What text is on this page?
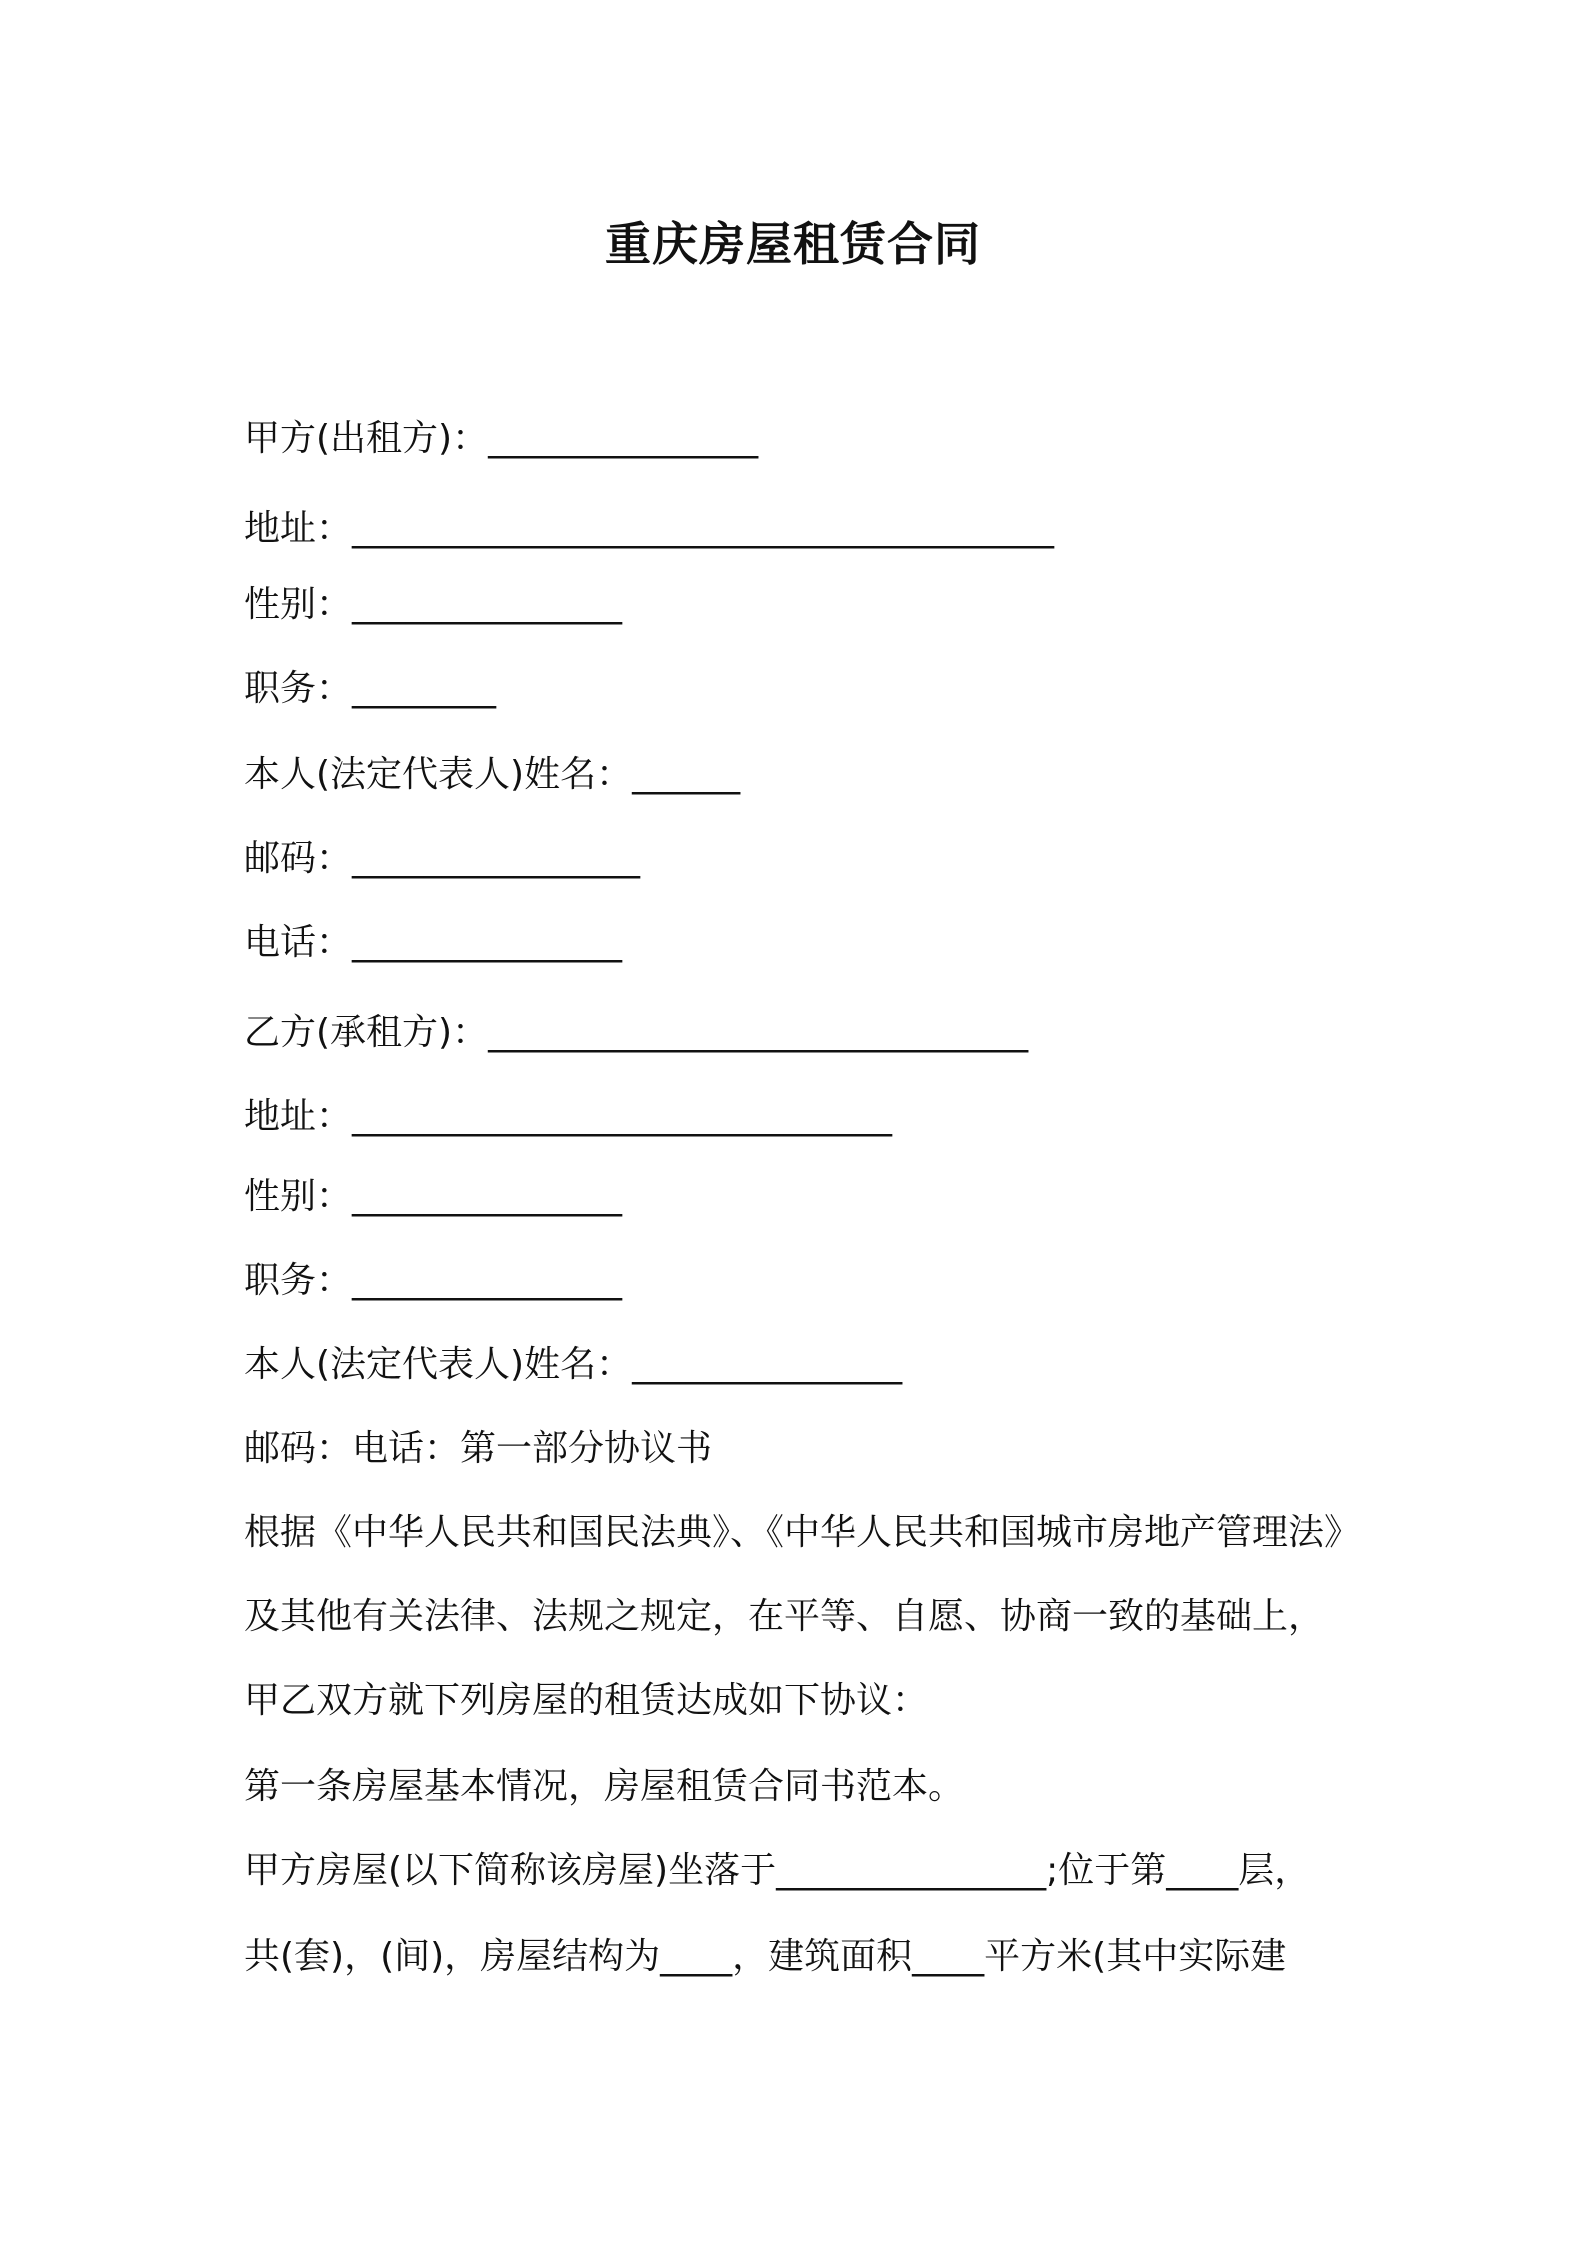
重庆房屋租赁合同
甲方(出租方)：_______________
地址：_______________________________________
性别：_______________
职务：________
本人(法定代表人)姓名：______
邮码：________________
电话：_______________
乙方(承租方)：______________________________
地址：______________________________
性别：_______________
职务：_______________
本人(法定代表人)姓名：_______________
邮码：电话：第一部分协议书
根据《中华人民共和国民法典》、《中华人民共和国城市房地产管理法》
及其他有关法律、法规之规定，在平等、自愿、协商一致的基础上，
甲乙双方就下列房屋的租赁达成如下协议：
第一条房屋基本情况，房屋租赁合同书范本。
甲方房屋(以下简称该房屋)坐落于_______________;位于第____层，
共(套)，(间)，房屋结构为____，建筑面积____平方米(其中实际建
